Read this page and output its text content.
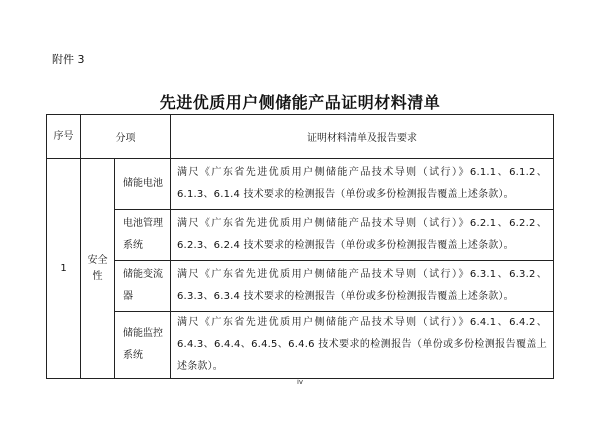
附件 3
先进优质用户侧储能产品证明材料清单
序号	分项		证明材料清单及报告要求
1	安全性	储能电池	满尺《广东省先进优质用户侧储能产品技术导则（试行）》6.1.1、6.1.2、6.1.3、6.1.4 技术要求的检测报告（单份或多份检测报告覆盖上述条款）。
		电池管理系统	满尺《广东省先进优质用户侧储能产品技术导则（试行）》6.2.1、6.2.2、6.2.3、6.2.4 技术要求的检测报告（单份或多份检测报告覆盖上述条款）。
		储能变流器	满尺《广东省先进优质用户侧储能产品技术导则（试行）》6.3.1、6.3.2、6.3.3、6.3.4 技术要求的检测报告（单份或多份检测报告覆盖上述条款）。
		储能监控系统	满尺《广东省先进优质用户侧储能产品技术导则（试行）》6.4.1、6.4.2、6.4.3、6.4.4、6.4.5、6.4.6 技术要求的检测报告（单份或多份检测报告覆盖上述条款）。
iv
